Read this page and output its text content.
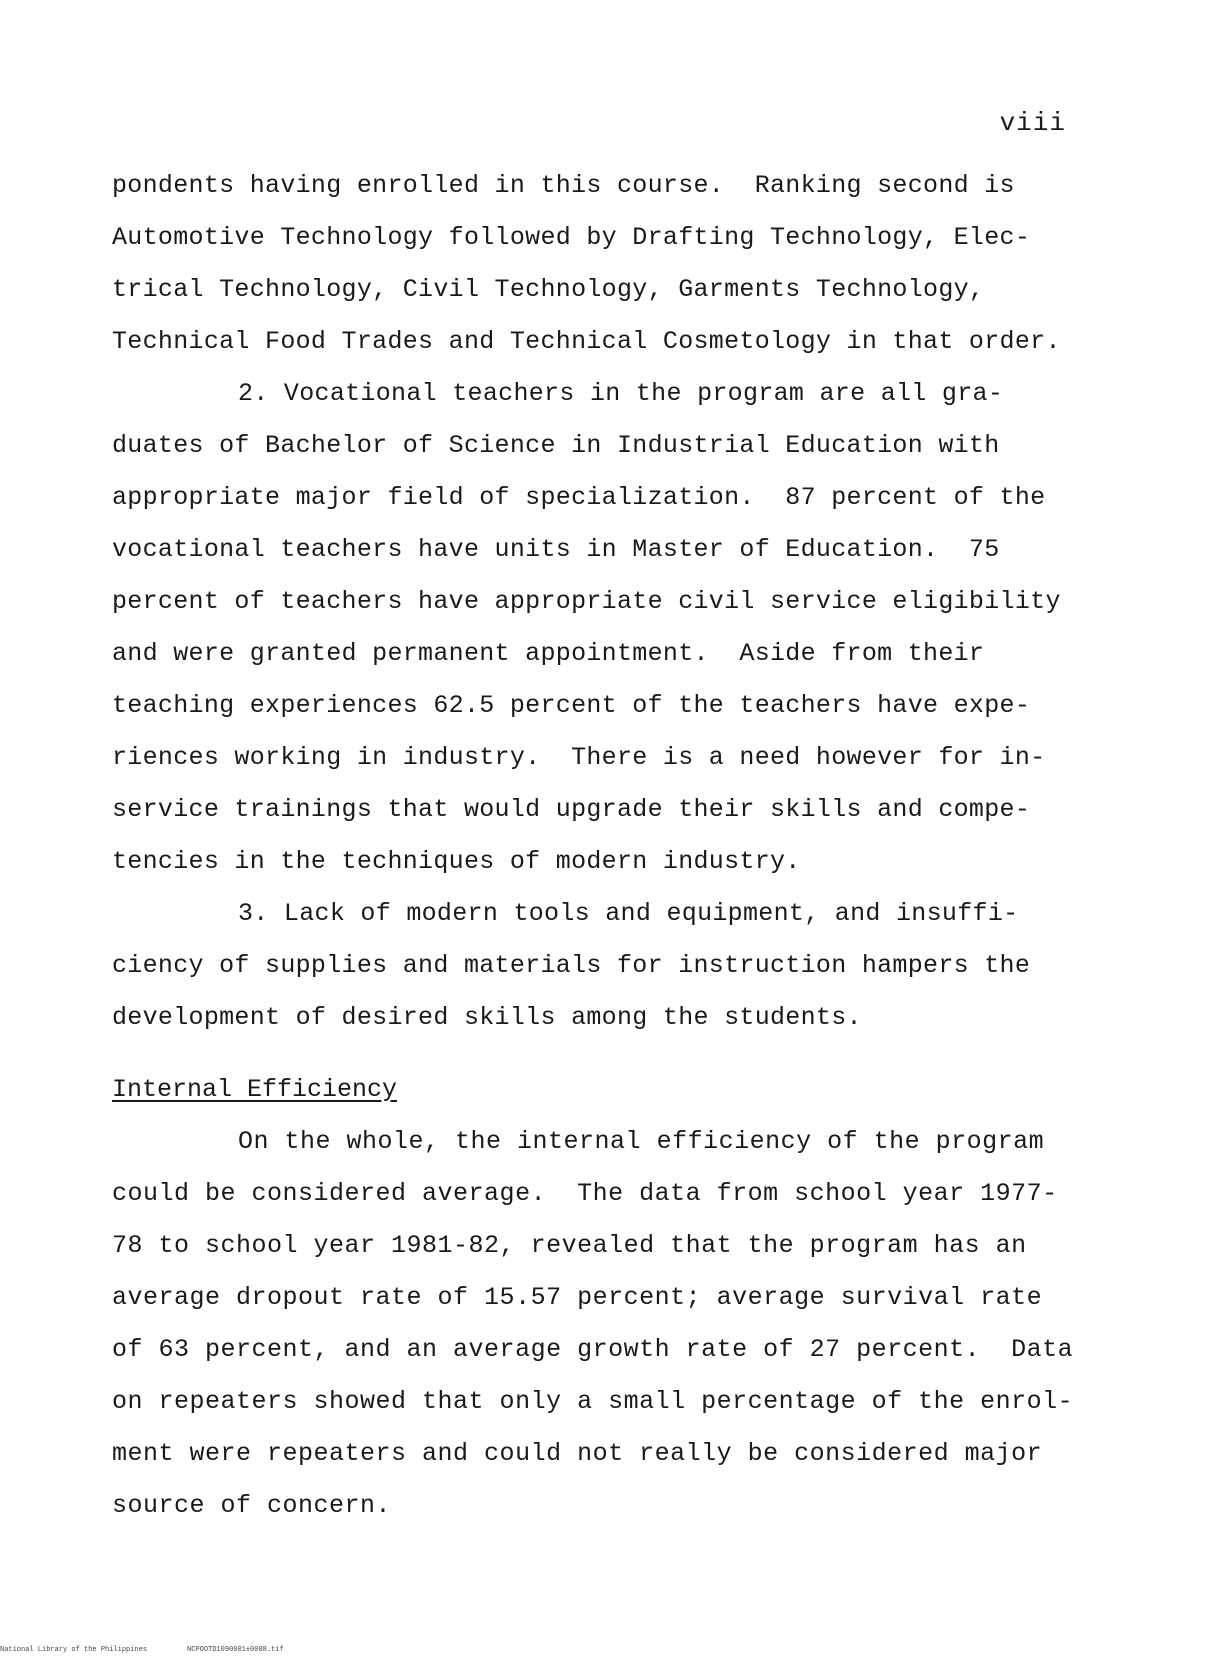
viii
pondents having enrolled in this course.  Ranking second is
Automotive Technology followed by Drafting Technology, Elec-
trical Technology, Civil Technology, Garments Technology,
Technical Food Trades and Technical Cosmetology in that order.
2. Vocational teachers in the program are all gra-
duates of Bachelor of Science in Industrial Education with
appropriate major field of specialization.  87 percent of the
vocational teachers have units in Master of Education.  75
percent of teachers have appropriate civil service eligibility
and were granted permanent appointment.  Aside from their
teaching experiences 62.5 percent of the teachers have expe-
riences working in industry.  There is a need however for in-
service trainings that would upgrade their skills and compe-
tencies in the techniques of modern industry.
3. Lack of modern tools and equipment, and insuffi-
ciency of supplies and materials for instruction hampers the
development of desired skills among the students.
Internal Efficiency
On the whole, the internal efficiency of the program
could be considered average.  The data from school year 1977-
78 to school year 1981-82, revealed that the program has an
average dropout rate of 15.57 percent; average survival rate
of 63 percent, and an average growth rate of 27 percent.  Data
on repeaters showed that only a small percentage of the enrol-
ment were repeaters and could not really be considered major
source of concern.
National Library of the Philippines	NCPOOTD1090001±0008.tif
